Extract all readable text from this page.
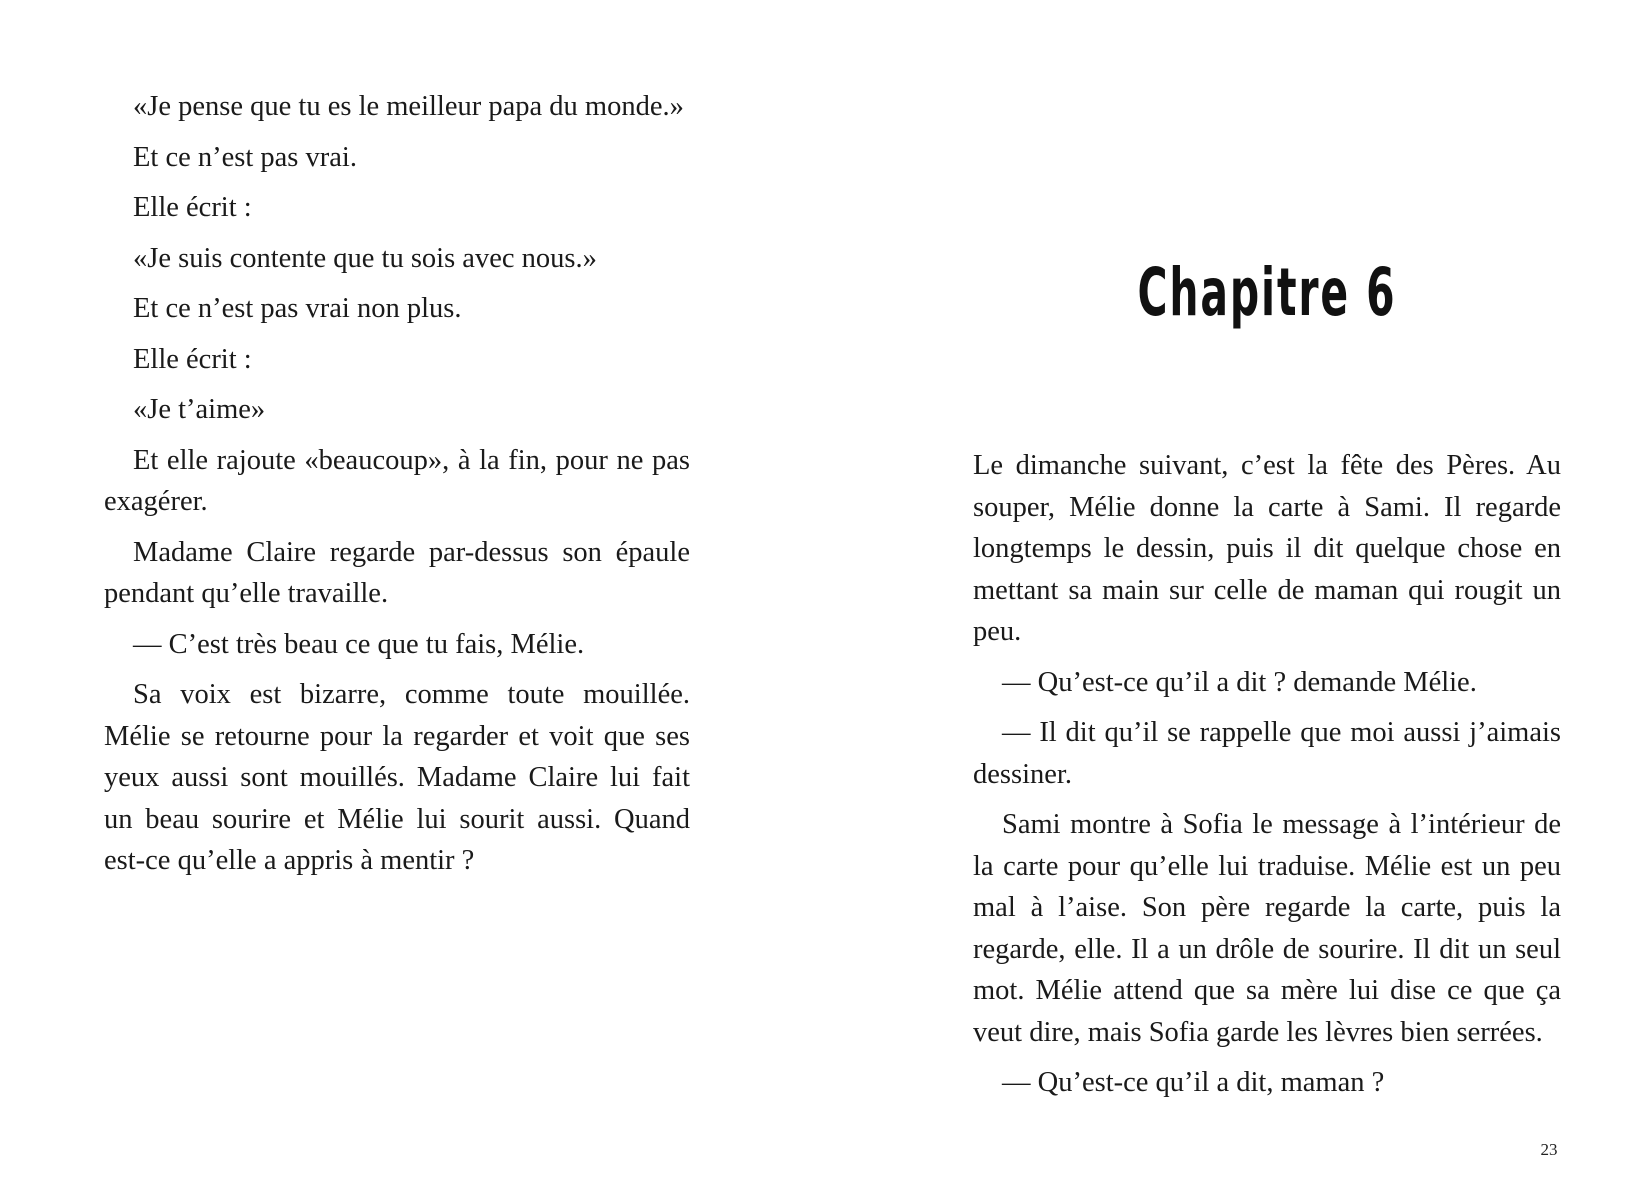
«Je pense que tu es le meilleur papa du monde.»

Et ce n’est pas vrai.

Elle écrit :

«Je suis contente que tu sois avec nous.»

Et ce n’est pas vrai non plus.

Elle écrit :

«Je t’aime»

Et elle rajoute «beaucoup», à la fin, pour ne pas exagérer.

Madame Claire regarde par-dessus son épaule pendant qu’elle travaille.

— C’est très beau ce que tu fais, Mélie.

Sa voix est bizarre, comme toute mouillée. Mélie se retourne pour la regarder et voit que ses yeux aussi sont mouillés. Madame Claire lui fait un beau sourire et Mélie lui sourit aussi. Quand est-ce qu’elle a appris à mentir ?

Chapitre 6

Le dimanche suivant, c’est la fête des Pères. Au souper, Mélie donne la carte à Sami. Il regarde longtemps le dessin, puis il dit quelque chose en mettant sa main sur celle de maman qui rougit un peu.

— Qu’est-ce qu’il a dit ? demande Mélie.

— Il dit qu’il se rappelle que moi aussi j’aimais dessiner.

Sami montre à Sofia le message à l’intérieur de la carte pour qu’elle lui traduise. Mélie est un peu mal à l’aise. Son père regarde la carte, puis la regarde, elle. Il a un drôle de sourire. Il dit un seul mot. Mélie attend que sa mère lui dise ce que ça veut dire, mais Sofia garde les lèvres bien serrées.

— Qu’est-ce qu’il a dit, maman ?

23
